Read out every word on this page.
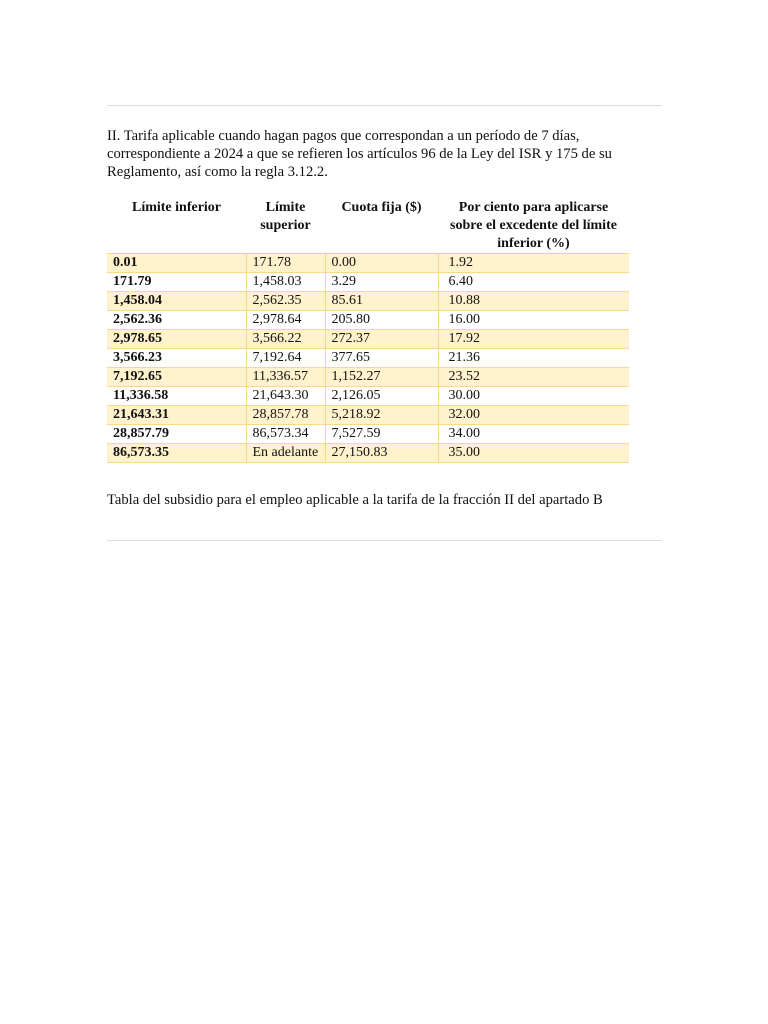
II. Tarifa aplicable cuando hagan pagos que correspondan a un período de 7 días, correspondiente a 2024 a que se refieren los artículos 96 de la Ley del ISR y 175 de su Reglamento, así como la regla 3.12.2.

Límite inferior	Límite superior	Cuota fija ($)	Por ciento para aplicarse sobre el excedente del límite inferior (%)
0.01	171.78	0.00	1.92
171.79	1,458.03	3.29	6.40
1,458.04	2,562.35	85.61	10.88
2,562.36	2,978.64	205.80	16.00
2,978.65	3,566.22	272.37	17.92
3,566.23	7,192.64	377.65	21.36
7,192.65	11,336.57	1,152.27	23.52
11,336.58	21,643.30	2,126.05	30.00
21,643.31	28,857.78	5,218.92	32.00
28,857.79	86,573.34	7,527.59	34.00
86,573.35	En adelante	27,150.83	35.00

Tabla del subsidio para el empleo aplicable a la tarifa de la fracción II del apartado B
